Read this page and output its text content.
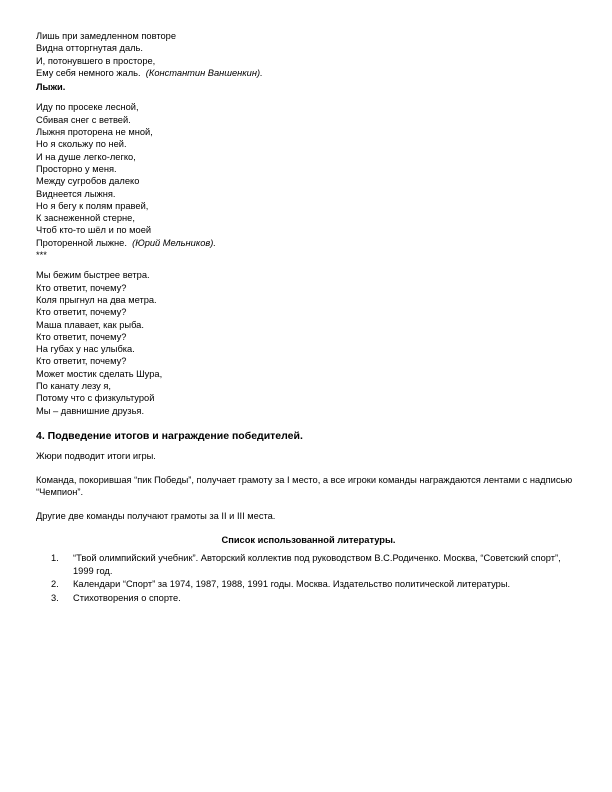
Лишь при замедленном повторе
Видна отторгнутая даль.
И, потонувшего в просторе,
Ему себя немного жаль. (Константин Ваншенкин).
Лыжи.
Иду по просеке лесной,
Сбивая снег с ветвей.
Лыжня проторена не мной,
Но я скольжу по ней.
И на душе легко-легко,
Просторно у меня.
Между сугробов далеко
Виднеется лыжня.
Но я бегу к полям правей,
К заснеженной стерне,
Чтоб кто-то шёл и по моей
Проторенной лыжне. (Юрий Мельников).
***
Мы бежим быстрее ветра.
Кто ответит, почему?
Коля прыгнул на два метра.
Кто ответит, почему?
Маша плавает, как рыба.
Кто ответит, почему?
На губах у нас улыбка.
Кто ответит, почему?
Может мостик сделать Шура,
По канату лезу я,
Потому что с физкультурой
Мы – давнишние друзья.
4. Подведение итогов и награждение победителей.

Жюри подводит итоги игры.

Команда, покорившая “пик Победы”, получает грамоту за I место, а все игроки команды награждаются лентами с надписью “Чемпион”.

Другие две команды получают грамоты за II и III места.

Список использованной литературы.
1. “Твой олимпийский учебник”. Авторский коллектив под руководством В.С.Родиченко. Москва, “Советский спорт”, 1999 год.
2. Календари “Спорт” за 1974, 1987, 1988, 1991 годы. Москва. Издательство политической литературы.
3. Стихотворения о спорте.
